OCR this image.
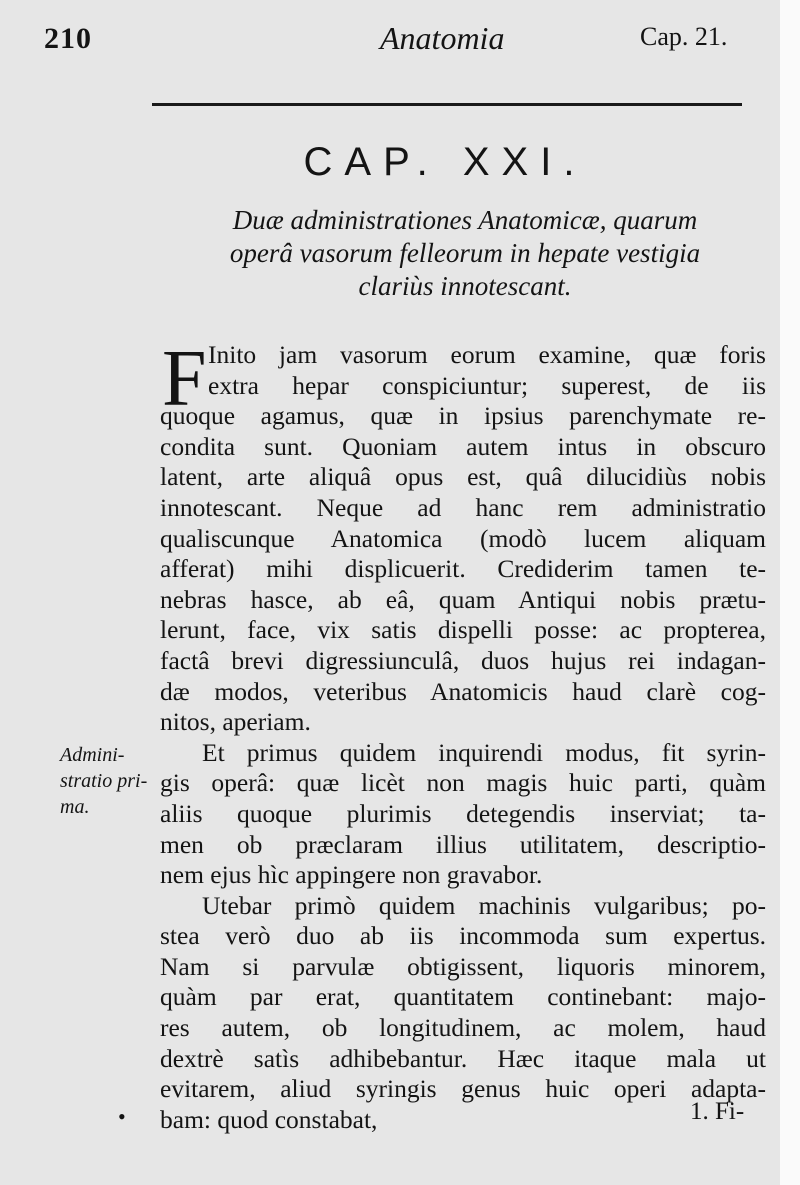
210	Anatomia	Cap. 21.
CAP. XXI.
Duæ administrationes Anatomicæ, quarum
operâ vasorum felleorum in hepate vestigia
clariùs innotescant.
F Inito jam vasorum eorum examine, quæ foris
extra hepar conspiciuntur; superest, de iis
quoque agamus, quæ in ipsius parenchymate re-
condita sunt. Quoniam autem intus in obscuro
latent, arte aliquâ opus est, quâ dilucidiùs nobis
innotescant. Neque ad hanc rem administratio
qualiscunque Anatomica (modò lucem aliquam
afferat) mihi displicuerit. Crediderim tamen te-
nebras hasce, ab eâ, quam Antiqui nobis prætu-
lerunt, face, vix satis dispelli posse: ac propterea,
factâ brevi digressiunculâ, duos hujus rei indagan-
dæ modos, veteribus Anatomicis haud clarè cog-
nitos, aperiam.
Et primus quidem inquirendi modus, fit syrin-
gis operâ: quæ licèt non magis huic parti, quàm
aliis quoque plurimis detegendis inserviat; ta-
men ob præclaram illius utilitatem, descriptio-
nem ejus hìc appingere non gravabor.
Utebar primò quidem machinis vulgaribus; po-
stea verò duo ab iis incommoda sum expertus.
Nam si parvulæ obtigissent, liquoris minorem,
quàm par erat, quantitatem continebant: majo-
res autem, ob longitudinem, ac molem, haud
dextrè satìs adhibebantur. Hæc itaque mala ut
evitarem, aliud syringis genus huic operi adapta-
bam: quod constabat,
Admini-
stratio pri-
ma.
•	1. Fi-
